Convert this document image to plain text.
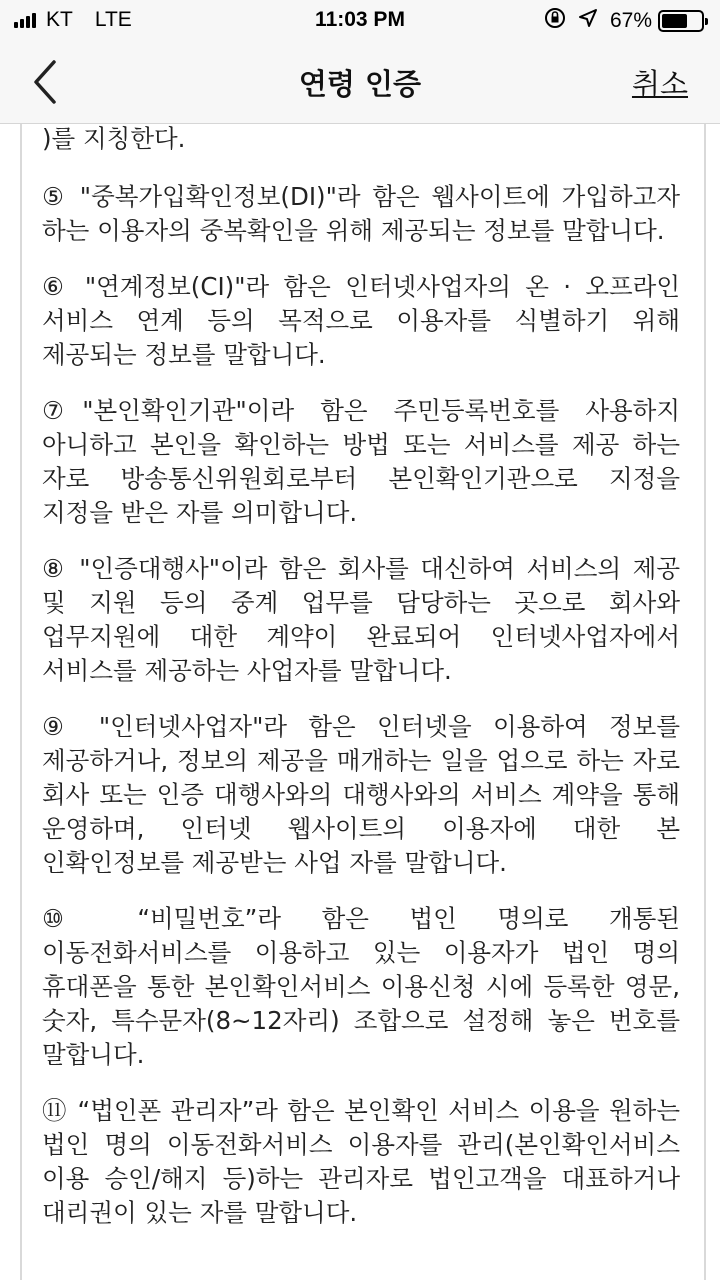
KT LTE	11:03 PM	67%
연령 인증	취소

)를 지칭한다.

⑤ "중복가입확인정보(DI)"라 함은 웹사이트에 가입하고자 하는 이용자의 중복확인을 위해 제공되는 정보를 말합니다.

⑥ "연계정보(CI)"라 함은 인터넷사업자의 온 · 오프라인 서비스 연계 등의 목적으로 이용자를 식별하기 위해 제공되는 정보를 말합니다.

⑦"본인확인기관"이라 함은 주민등록번호를 사용하지 아니하고 본인을 확인하는 방법 또는 서비스를 제공 하는 자로 방송통신위원회로부터 본인확인기관으로 지정을 지정을 받은 자를 의미합니다.

⑧ "인증대행사"이라 함은 회사를 대신하여 서비스의 제공 및 지원 등의 중계 업무를 담당하는 곳으로 회사와 업무지원에 대한 계약이 완료되어 인터넷사업자에서 서비스를 제공하는 사업자를 말합니다.

⑨ "인터넷사업자"라 함은 인터넷을 이용하여 정보를 제공하거나, 정보의 제공을 매개하는 일을 업으로 하는 자로 회사 또는 인증 대행사와의 대행사와의 서비스 계약을 통해 운영하며, 인터넷 웹사이트의 이용자에 대한 본 인확인정보를 제공받는 사업 자를 말합니다.

⑩ “비밀번호”라 함은 법인 명의로 개통된 이동전화서비스를 이용하고 있는 이용자가 법인 명의 휴대폰을 통한 본인확인서비스 이용신청 시에 등록한 영문, 숫자, 특수문자(8~12자리) 조합으로 설정해 놓은 번호를 말합니다.

⑪ “법인폰 관리자”라 함은 본인확인 서비스 이용을 원하는 법인 명의 이동전화서비스 이용자를 관리(본인확인서비스 이용 승인/해지 등)하는 관리자로 법인고객을 대표하거나 대리권이 있는 자를 말합니다.
